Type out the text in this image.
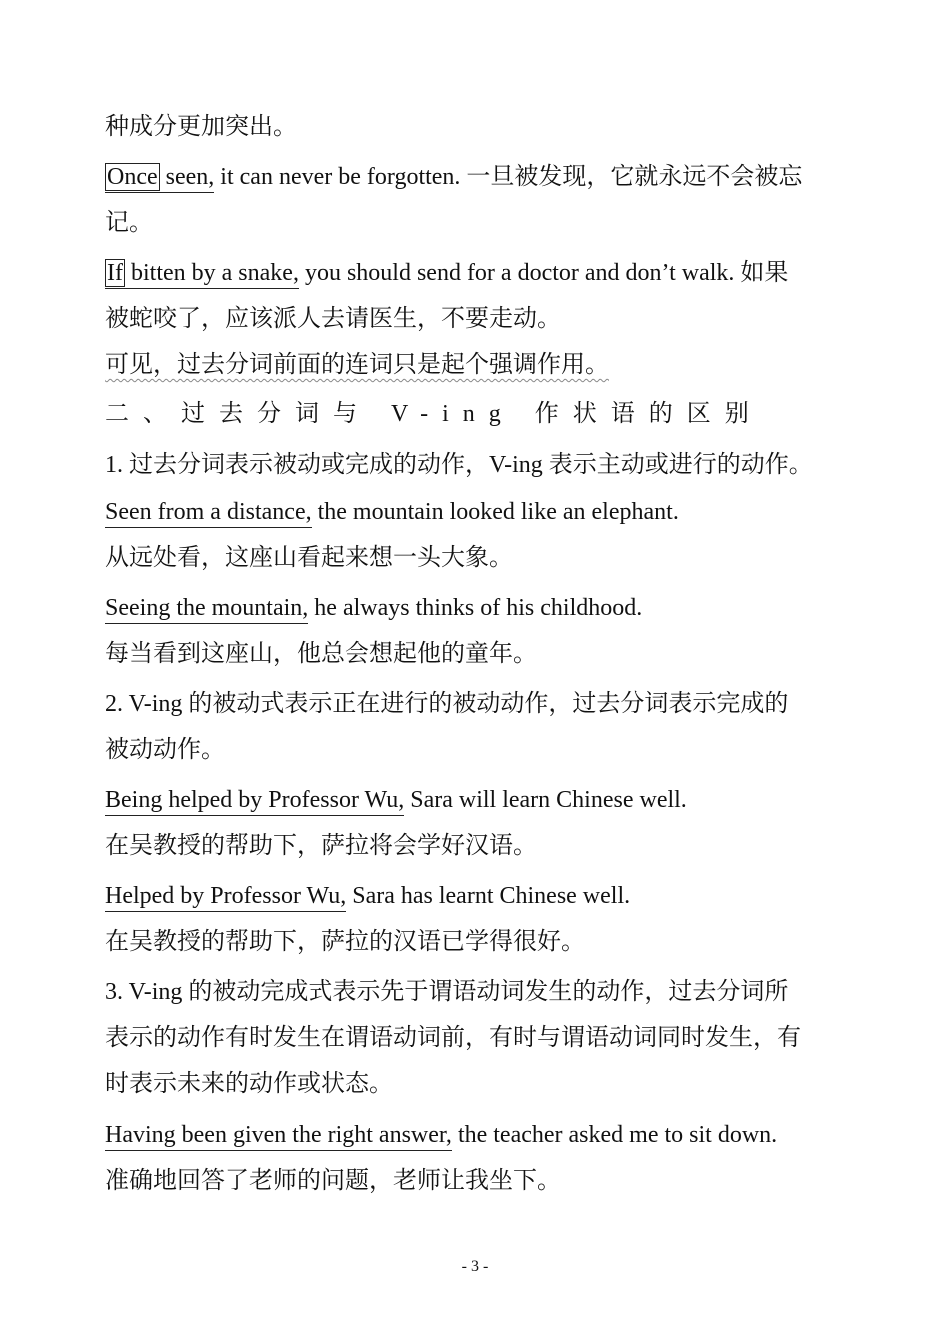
种成分更加突出。
Once seen, it can never be forgotten. 一旦被发现，它就永远不会被忘
记。
If bitten by a snake, you should send for a doctor and don’t walk. 如果
被蛇咬了，应该派人去请医生，不要走动。
可见，过去分词前面的连词只是起个强调作用。
二、过去分词与 V-ing 作状语的区别
1. 过去分词表示被动或完成的动作，V-ing 表示主动或进行的动作。
Seen from a distance, the mountain looked like an elephant.
从远处看，这座山看起来想一头大象。
Seeing the mountain, he always thinks of his childhood.
每当看到这座山，他总会想起他的童年。
2. V-ing 的被动式表示正在进行的被动动作，过去分词表示完成的
被动动作。
Being helped by Professor Wu, Sara will learn Chinese well.
在吴教授的帮助下，萨拉将会学好汉语。
Helped by Professor Wu, Sara has learnt Chinese well.
在吴教授的帮助下，萨拉的汉语已学得很好。
3. V-ing 的被动完成式表示先于谓语动词发生的动作，过去分词所
表示的动作有时发生在谓语动词前，有时与谓语动词同时发生，有
时表示未来的动作或状态。
Having been given the right answer, the teacher asked me to sit down.
准确地回答了老师的问题，老师让我坐下。
- 3 -
